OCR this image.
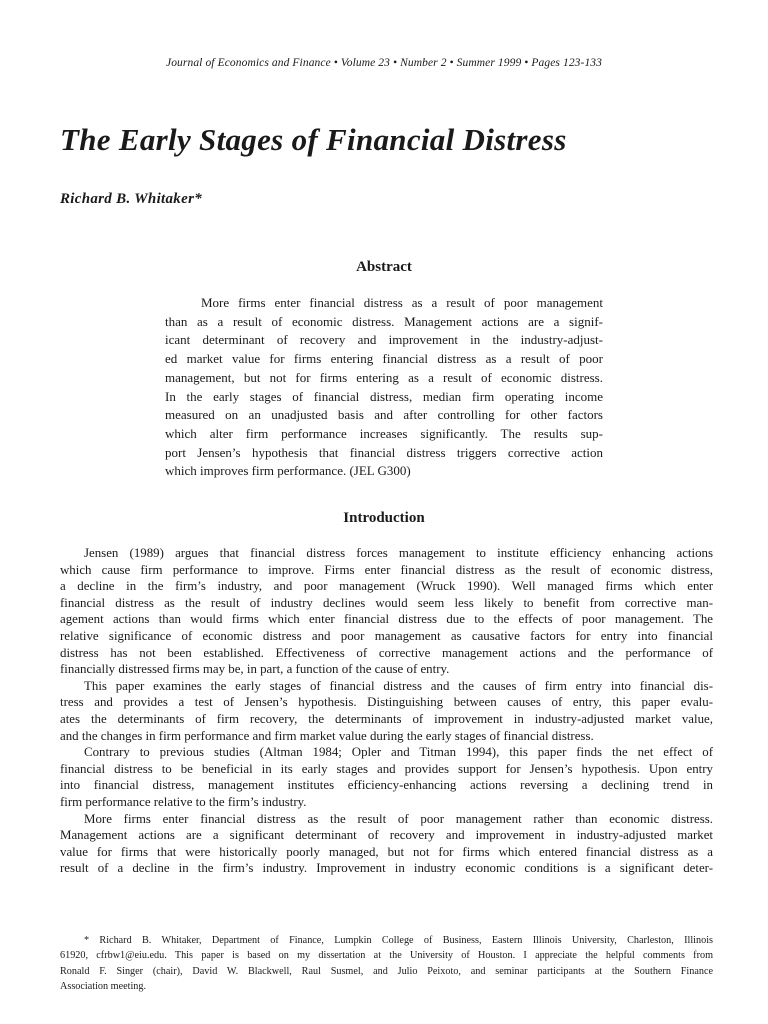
Journal of Economics and Finance • Volume 23 • Number 2 • Summer 1999 • Pages 123-133
The Early Stages of Financial Distress
Richard B. Whitaker*
Abstract
More firms enter financial distress as a result of poor management
than as a result of economic distress. Management actions are a signif-
icant determinant of recovery and improvement in the industry-adjust-
ed market value for firms entering financial distress as a result of poor
management, but not for firms entering as a result of economic distress.
In the early stages of financial distress, median firm operating income
measured on an unadjusted basis and after controlling for other factors
which alter firm performance increases significantly. The results sup-
port Jensen’s hypothesis that financial distress triggers corrective action
which improves firm performance. (JEL G300)
Introduction
Jensen (1989) argues that financial distress forces management to institute efficiency enhancing actions
which cause firm performance to improve. Firms enter financial distress as the result of economic distress,
a decline in the firm’s industry, and poor management (Wruck 1990). Well managed firms which enter
financial distress as the result of industry declines would seem less likely to benefit from corrective man-
agement actions than would firms which enter financial distress due to the effects of poor management. The
relative significance of economic distress and poor management as causative factors for entry into financial
distress has not been established. Effectiveness of corrective management actions and the performance of
financially distressed firms may be, in part, a function of the cause of entry.
This paper examines the early stages of financial distress and the causes of firm entry into financial dis-
tress and provides a test of Jensen’s hypothesis. Distinguishing between causes of entry, this paper evalu-
ates the determinants of firm recovery, the determinants of improvement in industry-adjusted market value,
and the changes in firm performance and firm market value during the early stages of financial distress.
Contrary to previous studies (Altman 1984; Opler and Titman 1994), this paper finds the net effect of
financial distress to be beneficial in its early stages and provides support for Jensen’s hypothesis. Upon entry
into financial distress, management institutes efficiency-enhancing actions reversing a declining trend in
firm performance relative to the firm’s industry.
More firms enter financial distress as the result of poor management rather than economic distress.
Management actions are a significant determinant of recovery and improvement in industry-adjusted market
value for firms that were historically poorly managed, but not for firms which entered financial distress as a
result of a decline in the firm’s industry. Improvement in industry economic conditions is a significant deter-
* Richard B. Whitaker, Department of Finance, Lumpkin College of Business, Eastern Illinois University, Charleston, Illinois
61920, cfrbw1@eiu.edu. This paper is based on my dissertation at the University of Houston. I appreciate the helpful comments from
Ronald F. Singer (chair), David W. Blackwell, Raul Susmel, and Julio Peixoto, and seminar participants at the Southern Finance
Association meeting.
